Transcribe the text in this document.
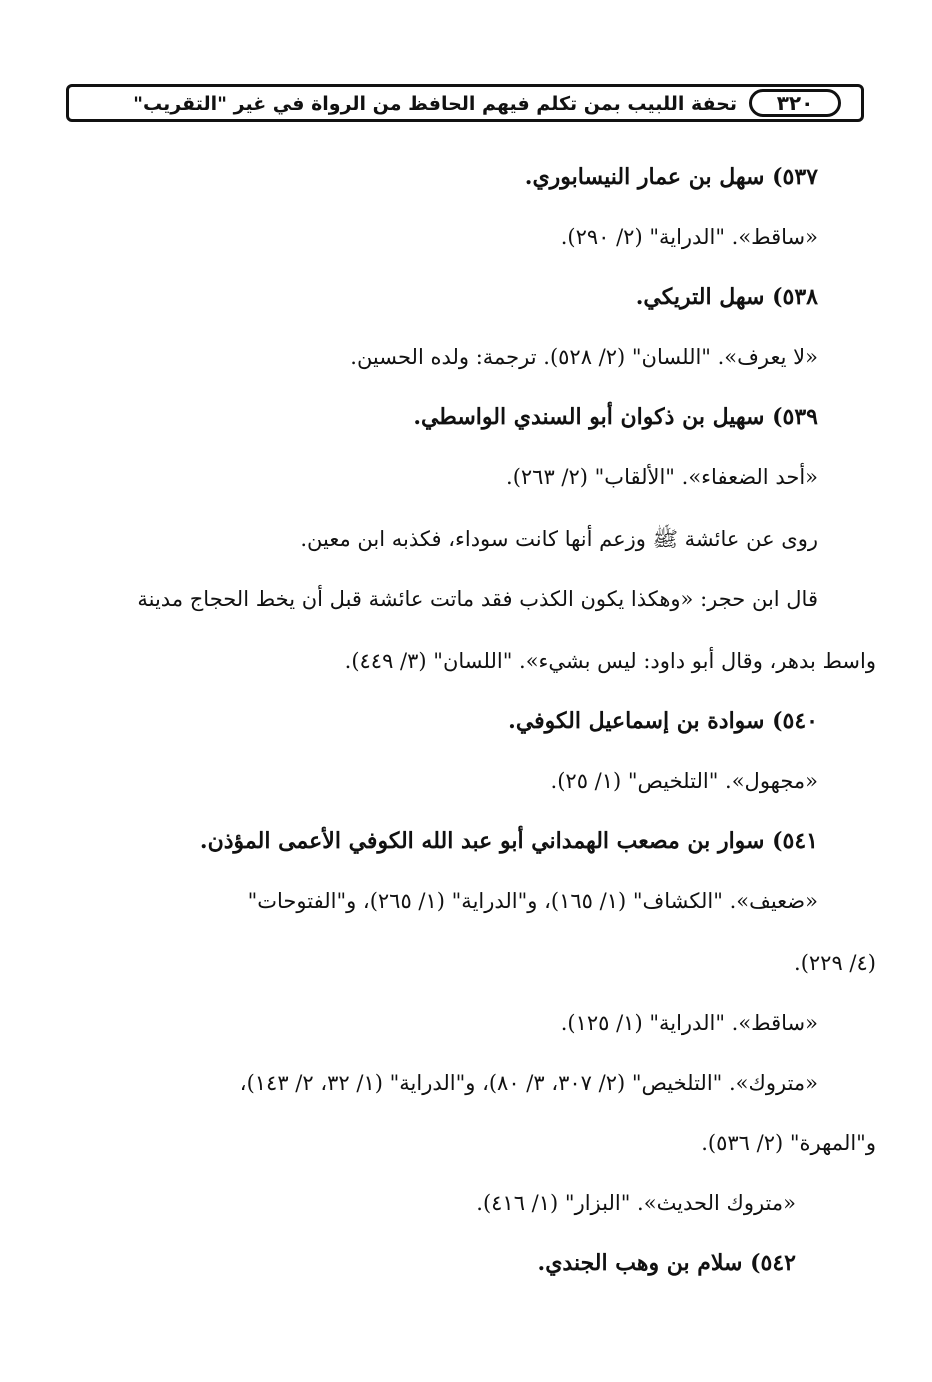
٣٢٠
تحفة اللبيب بمن تكلم فيهم الحافظ من الرواة في غير "التقريب"
٥٣٧) سهل بن عمار النيسابوري.
«ساقط». "الدراية" (٢/ ٢٩٠).
٥٣٨) سهل التريكي.
«لا يعرف». "اللسان" (٢/ ٥٢٨). ترجمة: ولده الحسين.
٥٣٩) سهيل بن ذكوان أبو السندي الواسطي.
«أحد الضعفاء». "الألقاب" (٢/ ٢٦٣).
روى عن عائشة ﷺ وزعم أنها كانت سوداء، فكذبه ابن معين.
قال ابن حجر: «وهكذا يكون الكذب فقد ماتت عائشة قبل أن يخط الحجاج مدينة
واسط بدهر، وقال أبو داود: ليس بشيء». "اللسان" (٣/ ٤٤٩).
٥٤٠) سوادة بن إسماعيل الكوفي.
«مجهول». "التلخيص" (١/ ٢٥).
٥٤١) سوار بن مصعب الهمداني أبو عبد الله الكوفي الأعمى المؤذن.
«ضعيف». "الكشاف" (١/ ١٦٥)، و"الدراية" (١/ ٢٦٥)، و"الفتوحات"
(٤/ ٢٢٩).
«ساقط». "الدراية" (١/ ١٢٥).
«متروك». "التلخيص" (٢/ ٣٠٧، ٣/ ٨٠)، و"الدراية" (١/ ٣٢، ٢/ ١٤٣)،
و"المهرة" (٢/ ٥٣٦).
«متروك الحديث». "البزار" (١/ ٤١٦).
٥٤٢) سلام بن وهب الجندي.
